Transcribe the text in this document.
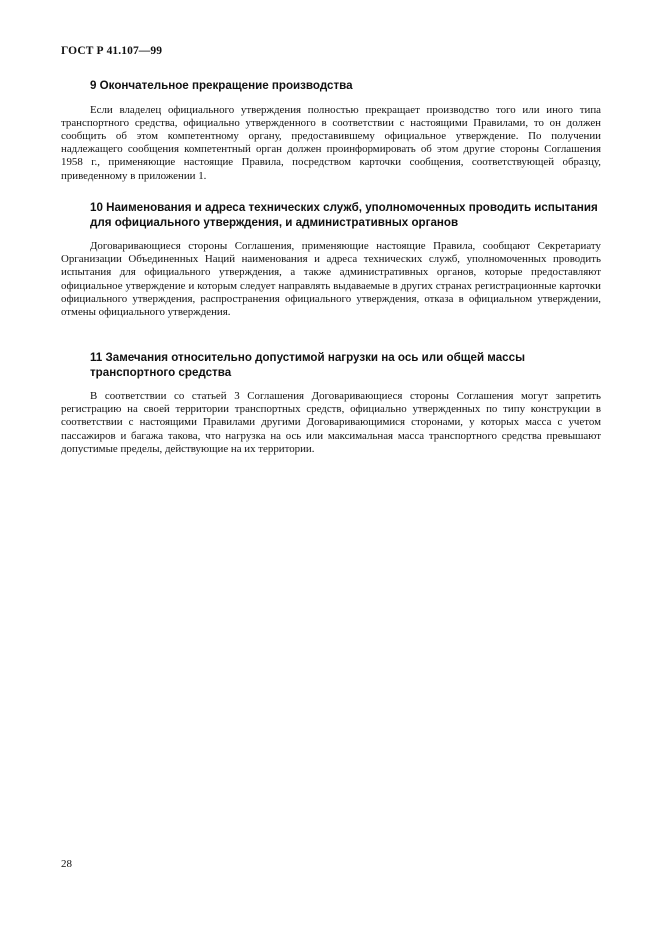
ГОСТ Р 41.107—99
9 Окончательное прекращение производства

Если владелец официального утверждения полностью прекращает производство того или иного типа транспортного средства, официально утвержденного в соответствии с настоящими Правилами, то он должен сообщить об этом компетентному органу, предоставившему официальное утверждение. По получении надлежащего сообщения компетентный орган должен проинформировать об этом другие стороны Соглашения 1958 г., применяющие настоящие Правила, посредством карточки сообщения, соответствующей образцу, приведенному в приложении 1.

10 Наименования и адреса технических служб, уполномоченных проводить испытания для официального утверждения, и административных органов

Договаривающиеся стороны Соглашения, применяющие настоящие Правила, сообщают Секретариату Организации Объединенных Наций наименования и адреса технических служб, уполномоченных проводить испытания для официального утверждения, а также административных органов, которые предоставляют официальное утверждение и которым следует направлять выдаваемые в других странах регистрационные карточки официального утверждения, распространения официального утверждения, отказа в официальном утверждении, отмены официального утверждения.

11 Замечания относительно допустимой нагрузки на ось или общей массы транспортного средства

В соответствии со статьей 3 Соглашения Договаривающиеся стороны Соглашения могут запретить регистрацию на своей территории транспортных средств, официально утвержденных по типу конструкции в соответствии с настоящими Правилами другими Договаривающимися сторонами, у которых масса с учетом пассажиров и багажа такова, что нагрузка на ось или максимальная масса транспортного средства превышают допустимые пределы, действующие на их территории.

28
